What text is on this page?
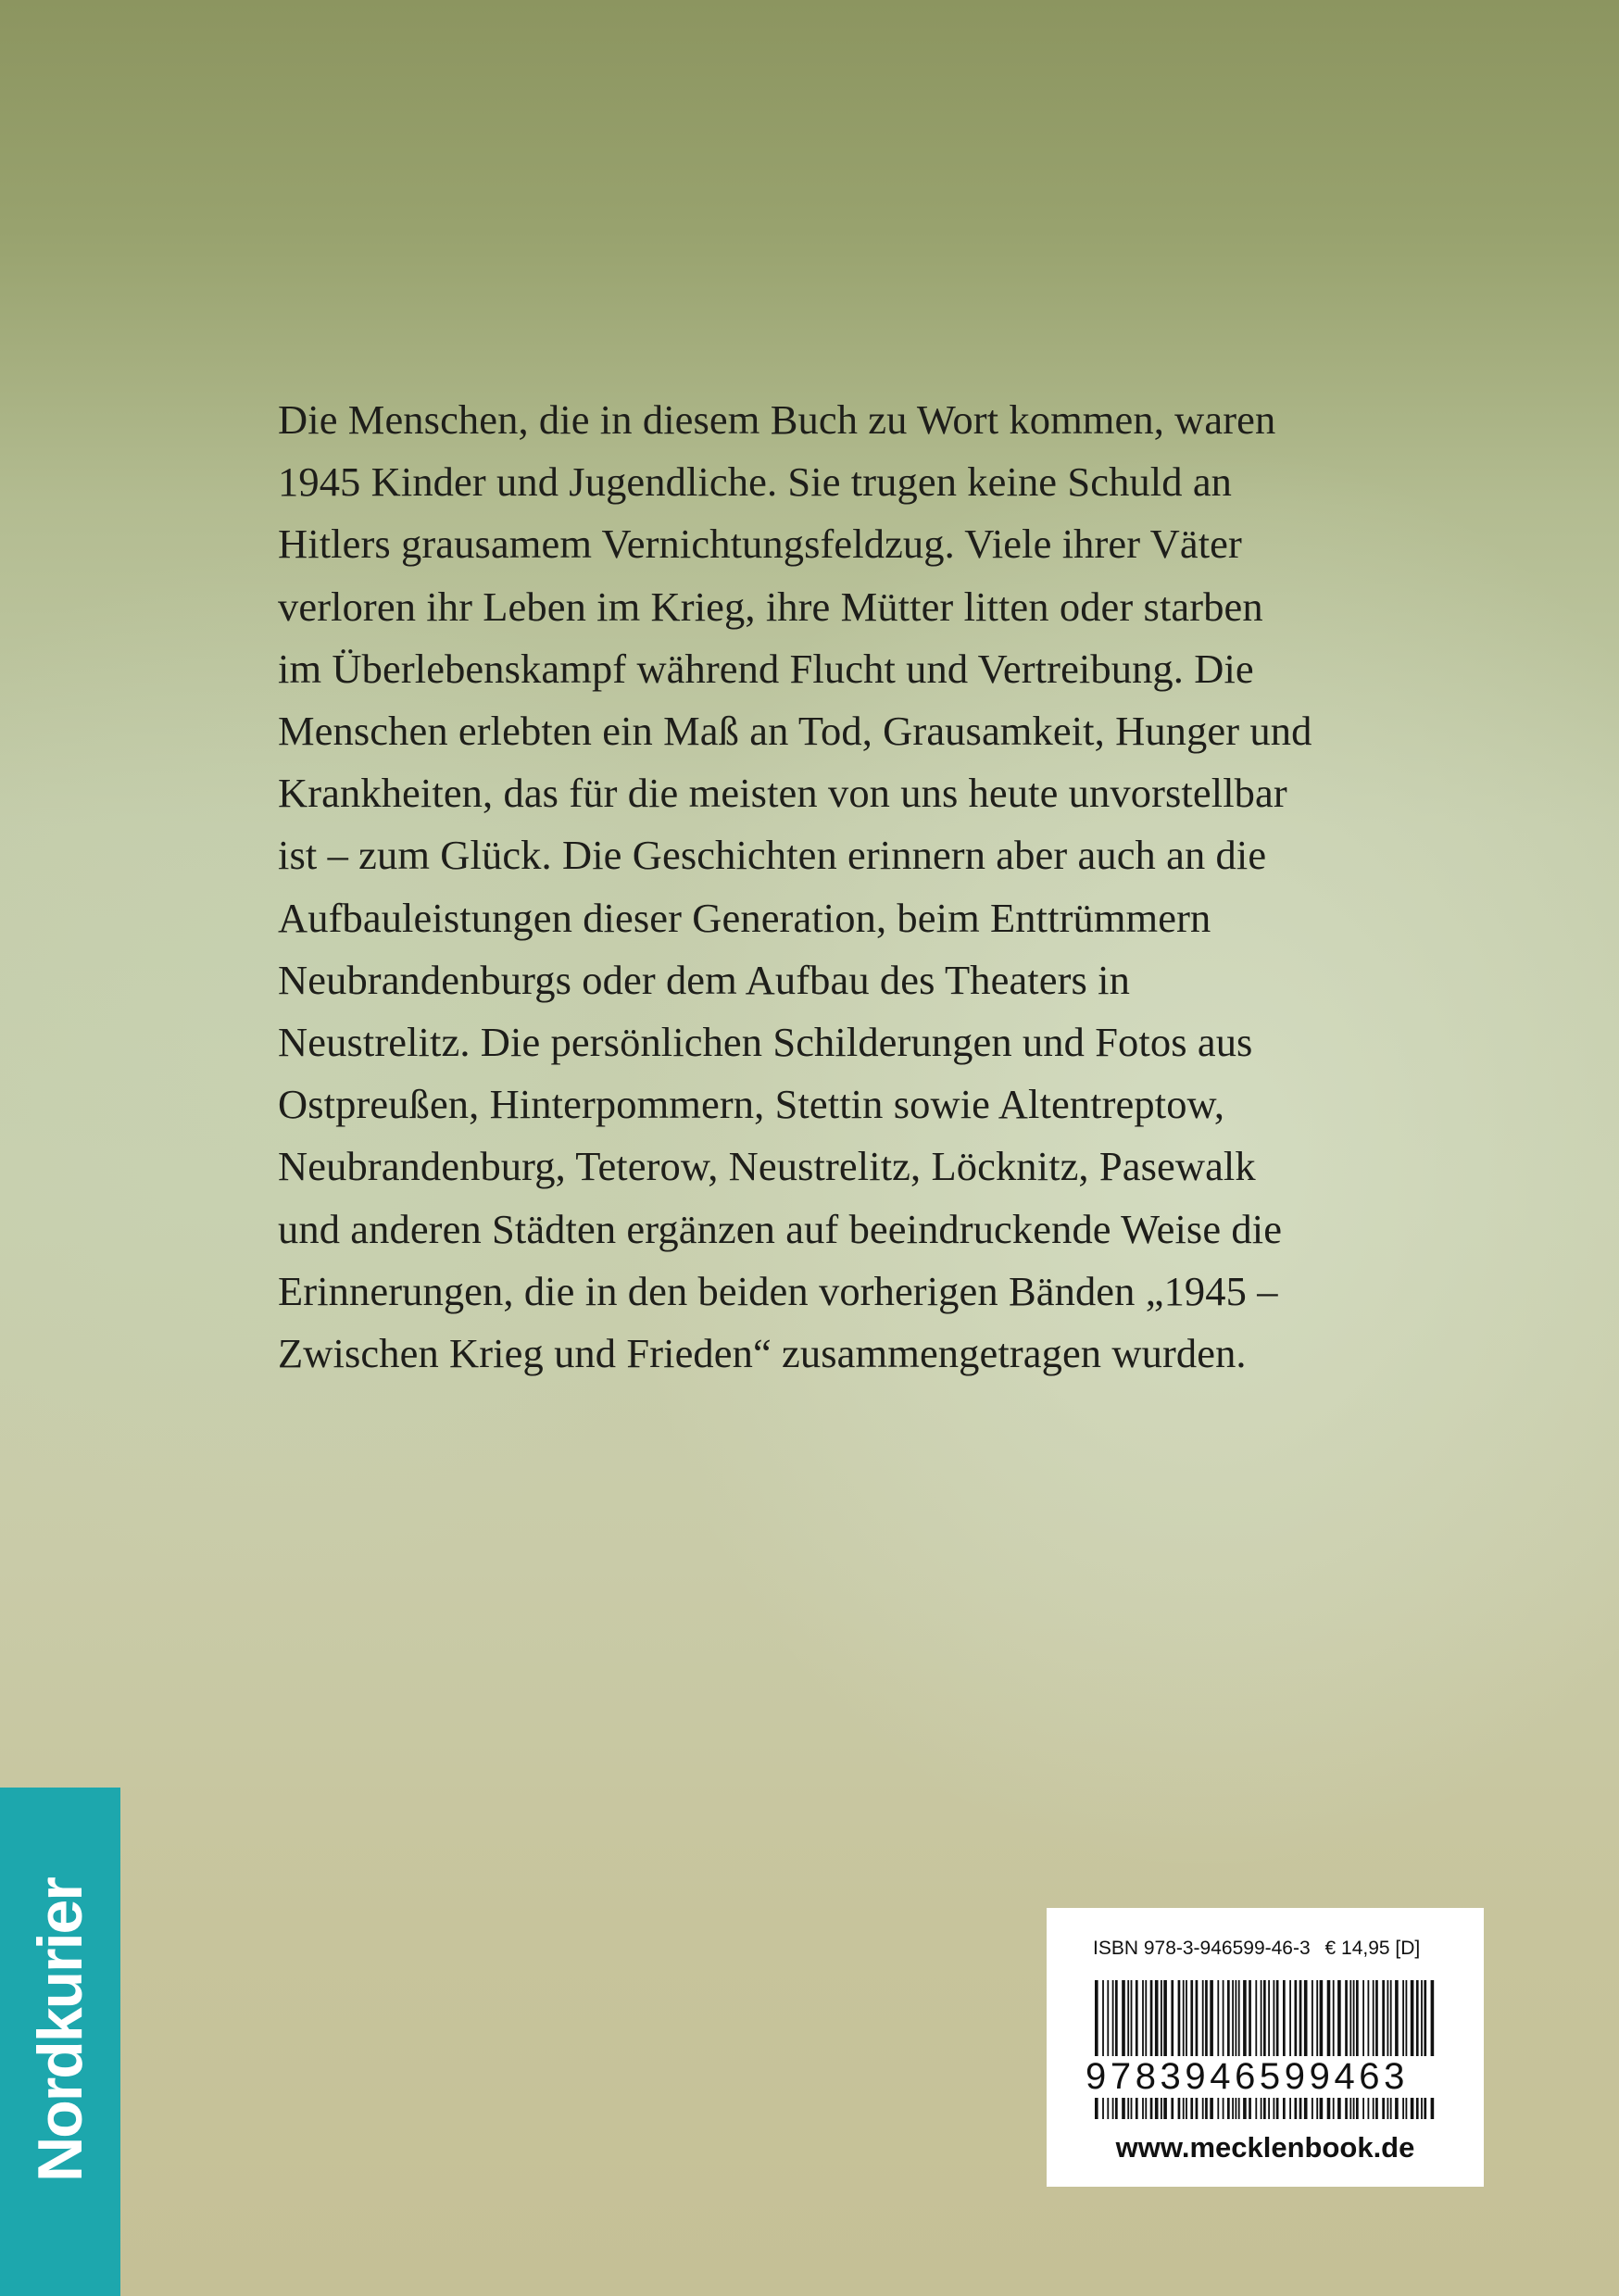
Die Menschen, die in diesem Buch zu Wort kommen, waren
1945 Kinder und Jugendliche. Sie trugen keine Schuld an
Hitlers grausamem Vernichtungsfeldzug. Viele ihrer Väter
verloren ihr Leben im Krieg, ihre Mütter litten oder starben
im Überlebenskampf während Flucht und Vertreibung. Die
Menschen erlebten ein Maß an Tod, Grausamkeit, Hunger und
Krankheiten, das für die meisten von uns heute unvorstellbar
ist – zum Glück. Die Geschichten erinnern aber auch an die
Aufbauleistungen dieser Generation, beim Enttrümmern
Neubrandenburgs oder dem Aufbau des Theaters in
Neustrelitz. Die persönlichen Schilderungen und Fotos aus
Ostpreußen, Hinterpommern, Stettin sowie Altentreptow,
Neubrandenburg, Teterow, Neustrelitz, Löcknitz, Pasewalk
und anderen Städten ergänzen auf beeindruckende Weise die
Erinnerungen, die in den beiden vorherigen Bänden „1945 –
Zwischen Krieg und Frieden“ zusammengetragen wurden.

Nordkurier	ISBN 978-3-946599-46-3 € 14,95 [D]
9783946599463
www.mecklenbook.de
